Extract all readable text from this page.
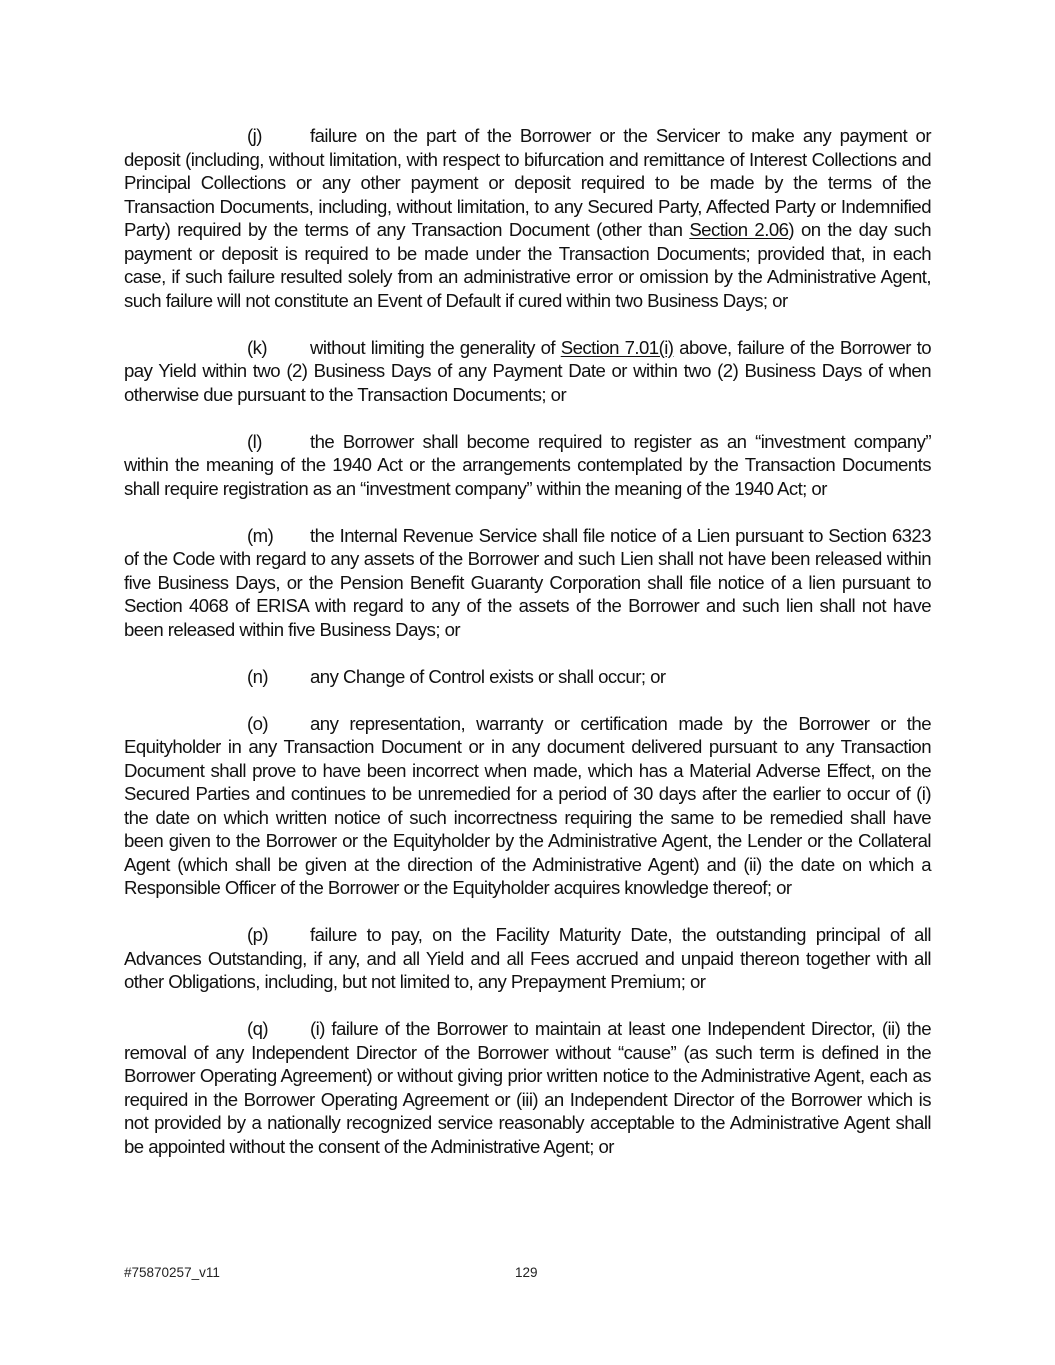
(j)	failure on the part of the Borrower or the Servicer to make any payment or deposit (including, without limitation, with respect to bifurcation and remittance of Interest Collections and Principal Collections or any other payment or deposit required to be made by the terms of the Transaction Documents, including, without limitation, to any Secured Party, Affected Party or Indemnified Party) required by the terms of any Transaction Document (other than Section 2.06) on the day such payment or deposit is required to be made under the Transaction Documents; provided that, in each case, if such failure resulted solely from an administrative error or omission by the Administrative Agent, such failure will not constitute an Event of Default if cured within two Business Days; or

(k) without limiting the generality of Section 7.01(i) above, failure of the Borrower to pay Yield within two (2) Business Days of any Payment Date or within two (2) Business Days of when otherwise due pursuant to the Transaction Documents; or

(l)	the Borrower shall become required to register as an “investment company” within the meaning of the 1940 Act or the arrangements contemplated by the Transaction Documents shall require registration as an “investment company” within the meaning of the 1940 Act; or

(m) the Internal Revenue Service shall file notice of a Lien pursuant to Section 6323 of the Code with regard to any assets of the Borrower and such Lien shall not have been released within five Business Days, or the Pension Benefit Guaranty Corporation shall file notice of a lien pursuant to Section 4068 of ERISA with regard to any of the assets of the Borrower and such lien shall not have been released within five Business Days; or

(n) any Change of Control exists or shall occur; or

(o) any representation, warranty or certification made by the Borrower or the Equityholder in any Transaction Document or in any document delivered pursuant to any Transaction Document shall prove to have been incorrect when made, which has a Material Adverse Effect, on the Secured Parties and continues to be unremedied for a period of 30 days after the earlier to occur of (i) the date on which written notice of such incorrectness requiring the same to be remedied shall have been given to the Borrower or the Equityholder by the Administrative Agent, the Lender or the Collateral Agent (which shall be given at the direction of the Administrative Agent) and (ii) the date on which a Responsible Officer of the Borrower or the Equityholder acquires knowledge thereof; or

(p) failure to pay, on the Facility Maturity Date, the outstanding principal of all Advances Outstanding, if any, and all Yield and all Fees accrued and unpaid thereon together with all other Obligations, including, but not limited to, any Prepayment Premium; or

(q) (i) failure of the Borrower to maintain at least one Independent Director, (ii) the removal of any Independent Director of the Borrower without “cause” (as such term is defined in the Borrower Operating Agreement) or without giving prior written notice to the Administrative Agent, each as required in the Borrower Operating Agreement or (iii) an Independent Director of the Borrower which is not provided by a nationally recognized service reasonably acceptable to the Administrative Agent shall be appointed without the consent of the Administrative Agent; or

#75870257_v11	129
